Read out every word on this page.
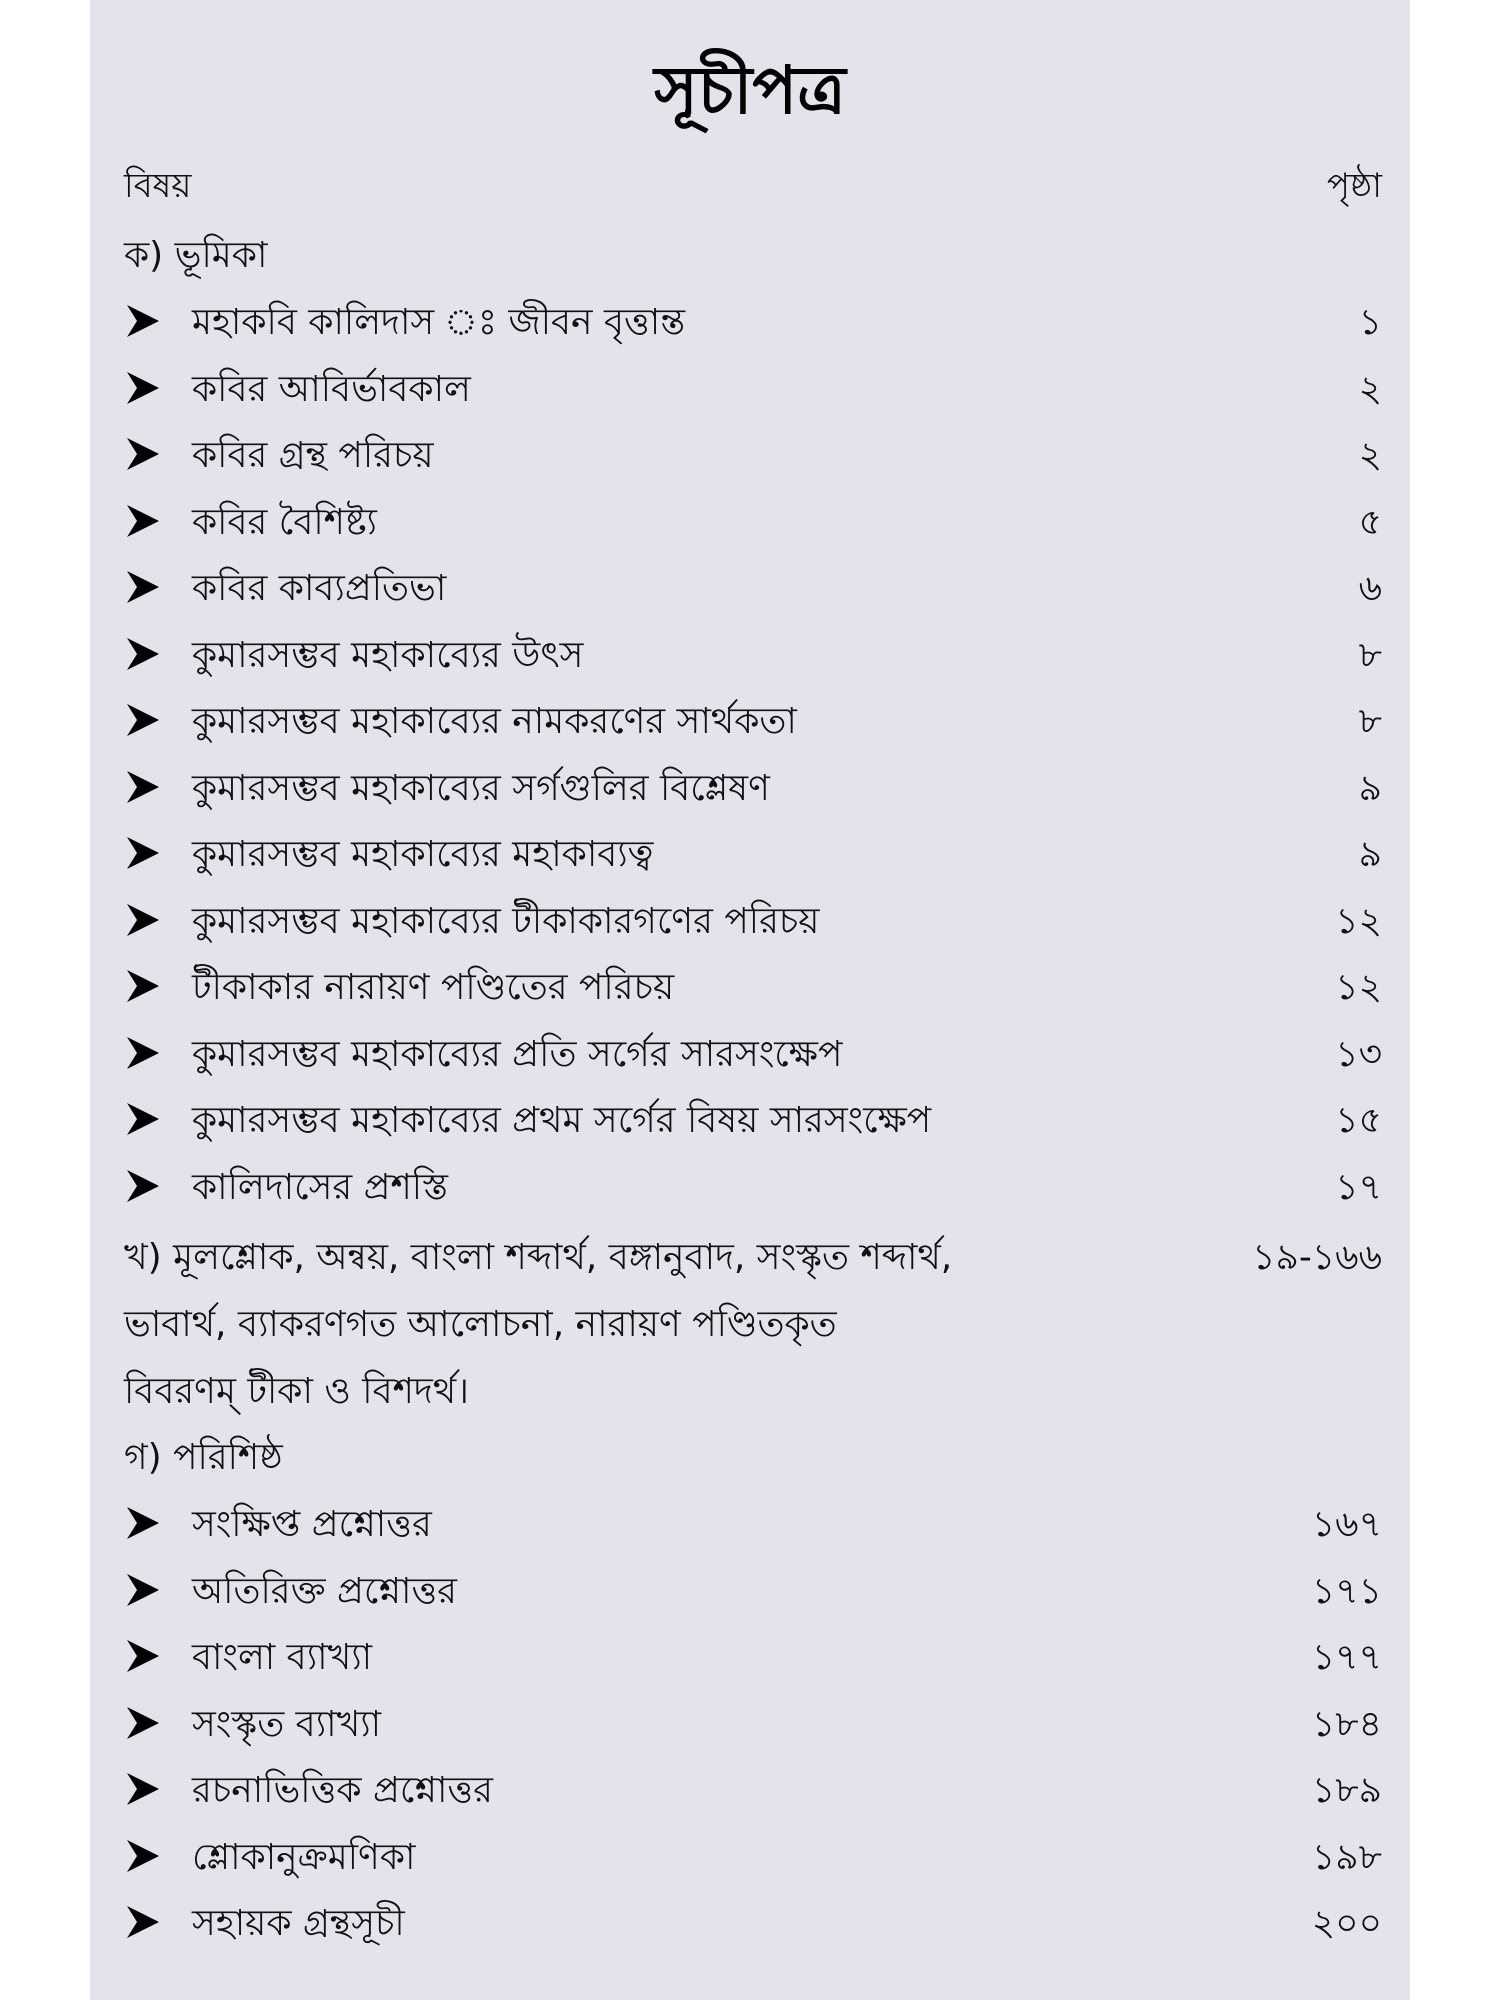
সূচীপত্র
বিষয়	পৃষ্ঠা
ক) ভূমিকা
মহাকবি কালিদাস ঃ জীবন বৃত্তান্ত	১
কবির আবির্ভাবকাল	২
কবির গ্রন্থ পরিচয়	২
কবির বৈশিষ্ট্য	৫
কবির কাব্যপ্রতিভা	৬
কুমারসম্ভব মহাকাব্যের উৎস	৮
কুমারসম্ভব মহাকাব্যের নামকরণের সার্থকতা	৮
কুমারসম্ভব মহাকাব্যের সর্গগুলির বিশ্লেষণ	৯
কুমারসম্ভব মহাকাব্যের মহাকাব্যত্ব	৯
কুমারসম্ভব মহাকাব্যের টীকাকারগণের পরিচয়	১২
টীকাকার নারায়ণ পণ্ডিতের পরিচয়	১২
কুমারসম্ভব মহাকাব্যের প্রতি সর্গের সারসংক্ষেপ	১৩
কুমারসম্ভব মহাকাব্যের প্রথম সর্গের বিষয় সারসংক্ষেপ	১৫
কালিদাসের প্রশস্তি	১৭
খ) মূলশ্লোক, অন্বয়, বাংলা শব্দার্থ, বঙ্গানুবাদ, সংস্কৃত শব্দার্থ,	১৯-১৬৬
ভাবার্থ, ব্যাকরণগত আলোচনা, নারায়ণ পণ্ডিতকৃত
বিবরণম্ টীকা ও বিশদর্থ।
গ) পরিশিষ্ঠ
সংক্ষিপ্ত প্রশ্নোত্তর	১৬৭
অতিরিক্ত প্রশ্নোত্তর	১৭১
বাংলা ব্যাখ্যা	১৭৭
সংস্কৃত ব্যাখ্যা	১৮৪
রচনাভিত্তিক প্রশ্নোত্তর	১৮৯
শ্লোকানুক্রমণিকা	১৯৮
সহায়ক গ্রন্থসূচী	২০০
